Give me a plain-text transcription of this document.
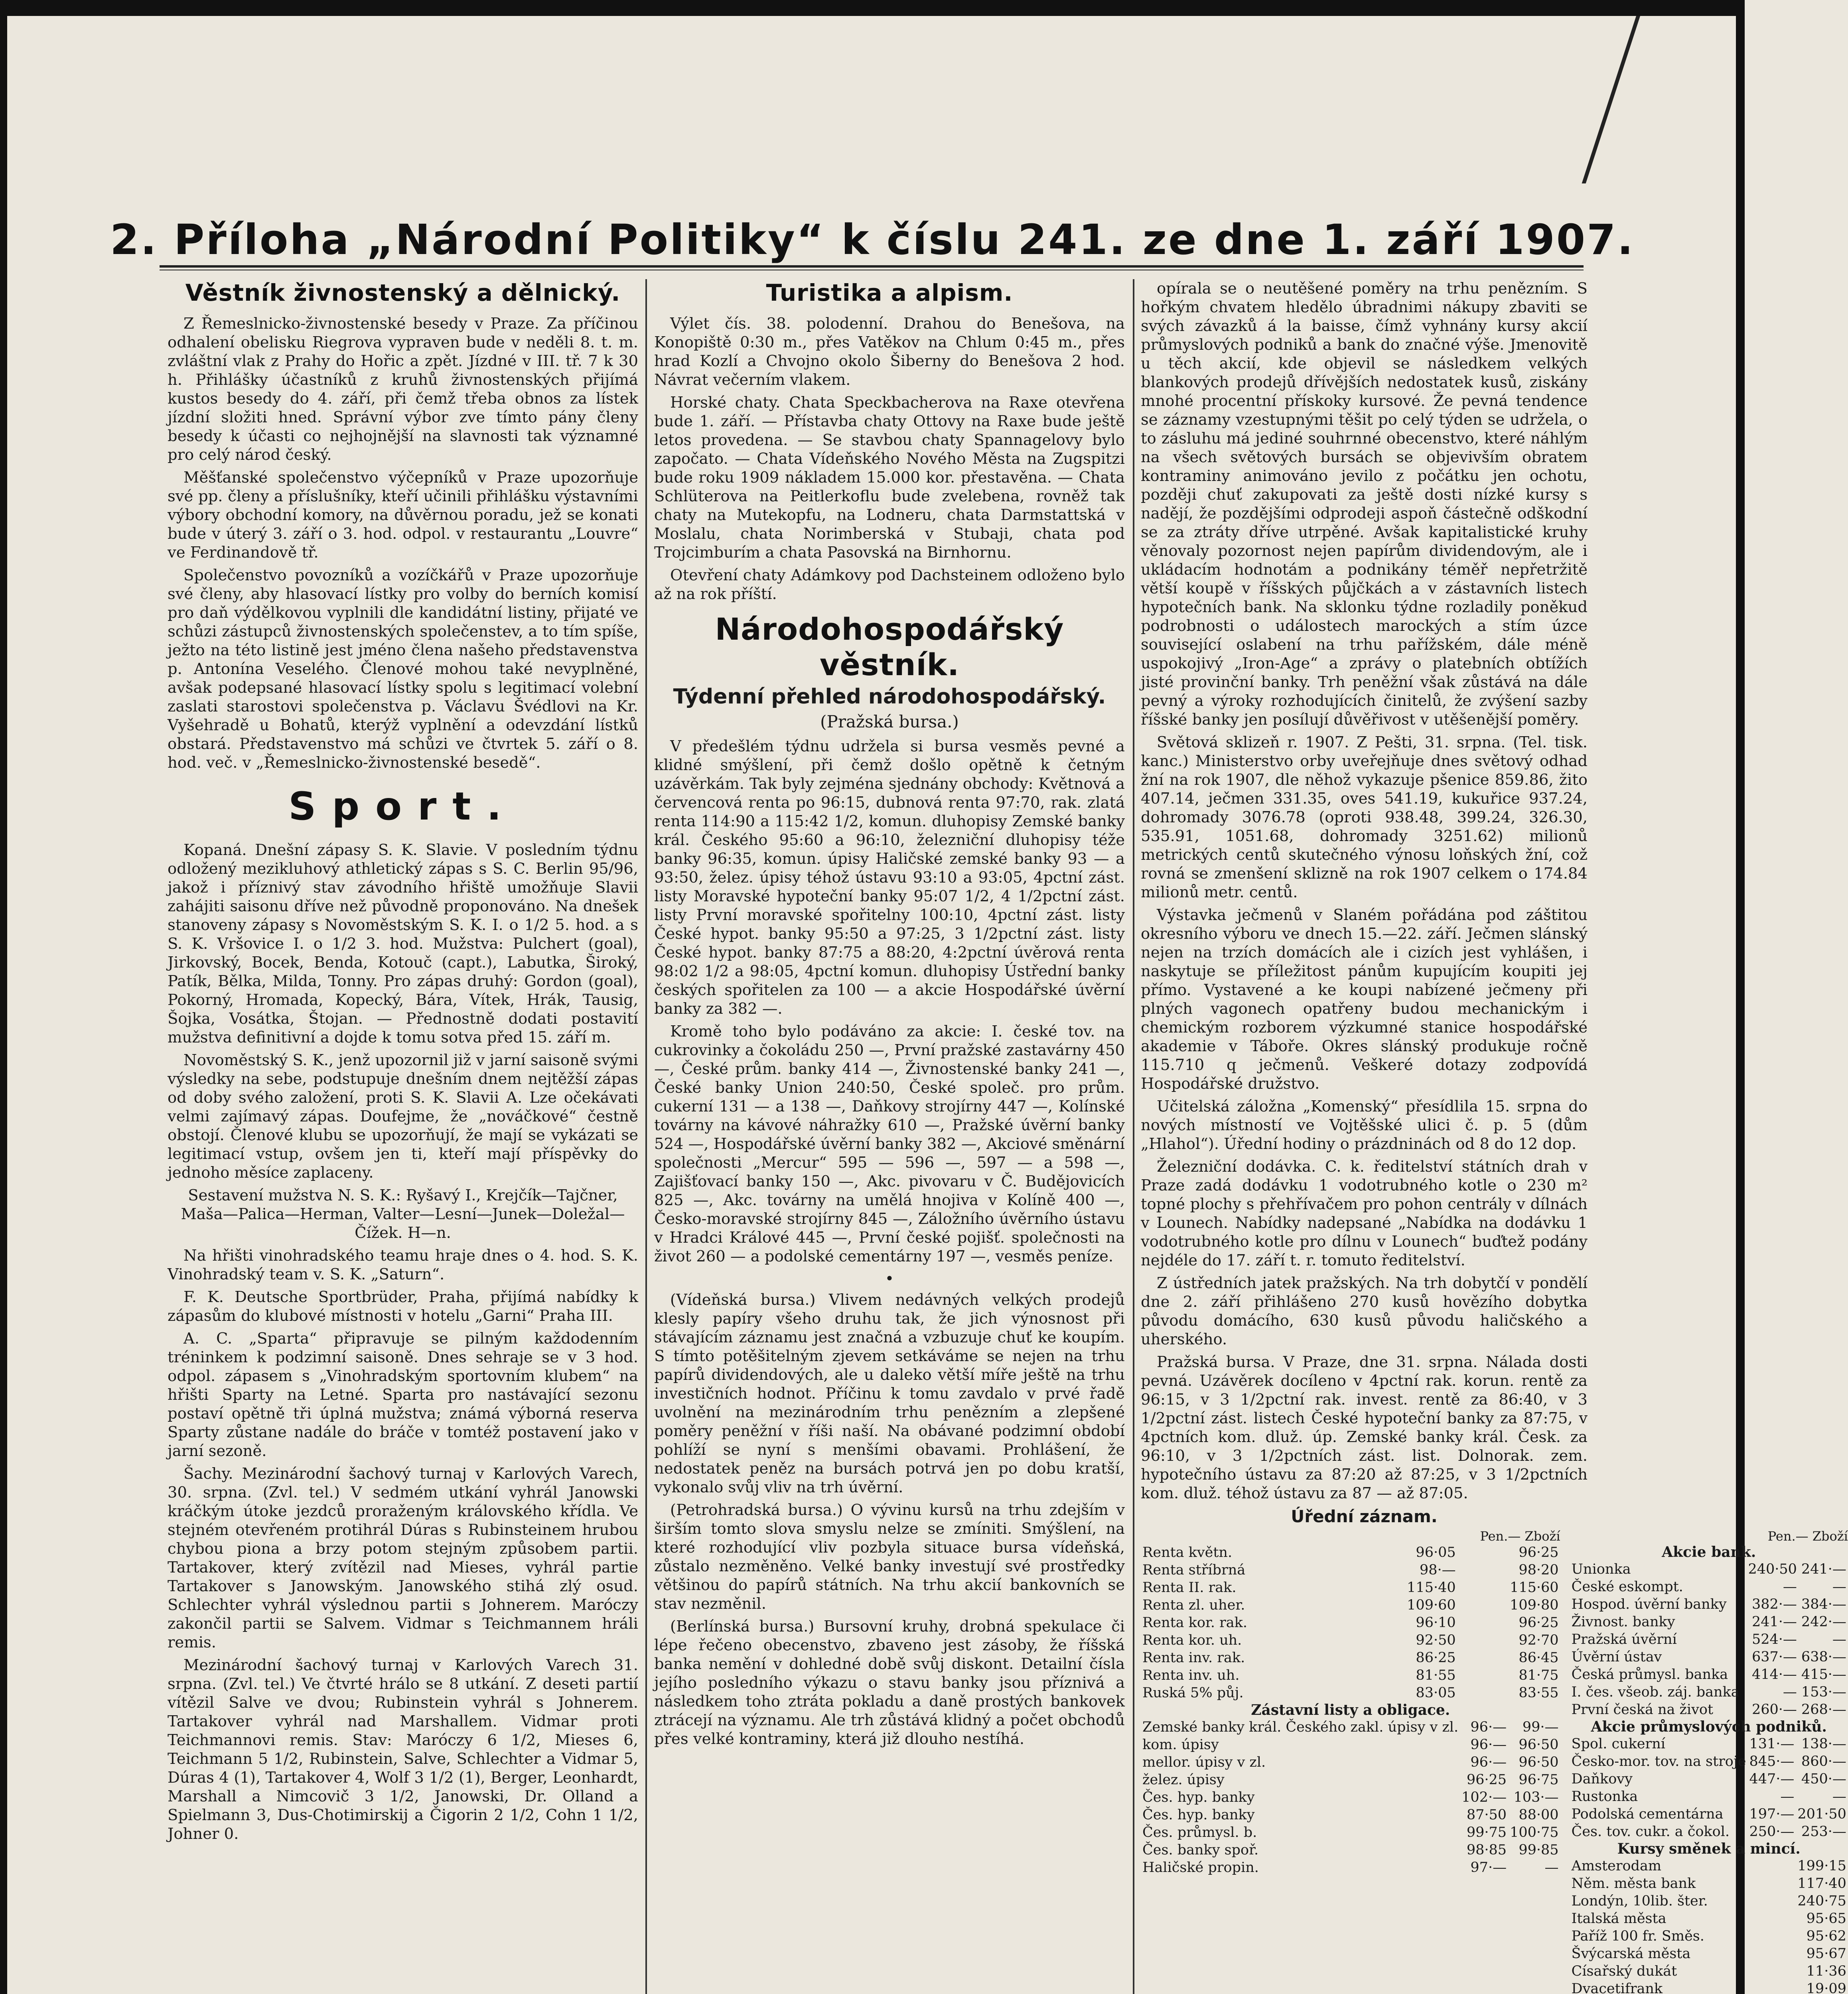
2. Příloha „Národní Politiky“ k číslu 241. ze dne 1. září 1907.
Věstník živnostenský a dělnický.

Z Řemeslnicko-živnostenské besedy v Praze. Za příčinou odhalení obelisku Riegrova vypraven bude v neděli 8. t. m. zvláštní vlak z Prahy do Hořic a zpět. Jízdné v III. tř. 7 k 30 h. Přihlášky účastníků z kruhů živnostenských přijímá kustos besedy do 4. září, při čemž třeba obnos za lístek jízdní složiti hned. Správní výbor zve tímto pány členy besedy k účasti co nejhojnější na slavnosti tak významné pro celý národ český.

Měšťanské společenstvo výčepníků v Praze upozorňuje své pp. členy a příslušníky, kteří učinili přihlášku výstavními výbory obchodní komory, na důvěrnou poradu, jež se konati bude v úterý 3. září o 3. hod. odpol. v restaurantu „Louvre“ ve Ferdinandově tř.

Společenstvo povozníků a vozíčkářů v Praze upozorňuje své členy, aby hlasovací lístky pro volby do berních komisí pro daň výdělkovou vyplnili dle kandidátní listiny, přijaté ve schůzi zástupců živnostenských společenstev, a to tím spíše, ježto na této listině jest jméno člena našeho představenstva p. Antonína Veselého. Členové mohou také nevyplněné, avšak podepsané hlasovací lístky spolu s legitimací volební zaslati starostovi společenstva p. Václavu Švédlovi na Kr. Vyšehradě u Bohatů, kterýž vyplnění a odevzdání lístků obstará. Představenstvo má schůzi ve čtvrtek 5. září o 8. hod. več. v „Řemeslnicko-živnostenské besedě“.

Sport.

Kopaná. Dnešní zápasy S. K. Slavie. V posledním týdnu odložený mezikluhový athletický zápas s S. C. Berlin 95/96, jakož i příznivý stav závodního hřiště umožňuje Slavii zahájiti saisonu dříve než původně proponováno. Na dnešek stanoveny zápasy s Novoměstským S. K. I. o 1/2 5. hod. a s S. K. Vršovice I. o 1/2 3. hod. Mužstva: Pulchert (goal), Jirkovský, Bocek, Benda, Kotouč (capt.), Labutka, Široký, Patík, Bělka, Milda, Tonny. Pro zápas druhý: Gordon (goal), Pokorný, Hromada, Kopecký, Bára, Vítek, Hrák, Tausig, Šojka, Vosátka, Štojan. — Přednostně dodati postavití mužstva definitivní a dojde k tomu sotva před 15. září m.

Novoměstský S. K., jenž upozornil již v jarní saisoně svými výsledky na sebe, podstupuje dnešním dnem nejtěžší zápas od doby svého založení, proti S. K. Slavii A. Lze očekávati velmi zajímavý zápas. Doufejme, že „nováčkové“ čestně obstojí. Členové klubu se upozorňují, že mají se vykázati se legitimací vstup, ovšem jen ti, kteří mají příspěvky do jednoho měsíce zaplaceny.

Sestavení mužstva N. S. K.: Ryšavý I., Krejčík—Tajčner, Maša—Palica—Herman, Valter—Lesní—Junek—Doležal—Čížek. H—n.

Na hřišti vinohradského teamu hraje dnes o 4. hod. S. K. Vinohradský team v. S. K. „Saturn“.

F. K. Deutsche Sportbrüder, Praha, přijímá nabídky k zápasům do klubové místnosti v hotelu „Garni“ Praha III.

A. C. „Sparta“ připravuje se pilným každodenním tréninkem k podzimní saisoně. Dnes sehraje se v 3 hod. odpol. zápasem s „Vinohradským sportovním klubem“ na hřišti Sparty na Letné. Sparta pro nastávající sezonu postaví opětně tři úplná mužstva; známá výborná reserva Sparty zůstane nadále do bráče v tomtéž postavení jako v jarní sezoně.

Šachy. Mezinárodní šachový turnaj v Karlových Varech, 30. srpna. (Zvl. tel.) V sedmém utkání vyhrál Janowski kráčkým útoke jezdců proraženým královského křídla. Ve stejném otevřeném protihrál Dúras s Rubinsteinem hrubou chybou piona a brzy potom stejným způsobem partii. Tartakover, který zvítězil nad Mieses, vyhrál partie Tartakover s Janowským. Janowského stihá zlý osud. Schlechter vyhrál výslednou partii s Johnerem. Maróczy zakončil partii se Salvem. Vidmar s Teichmannem hráli remis.

Mezinárodní šachový turnaj v Karlových Varech 31. srpna. (Zvl. tel.) Ve čtvrté hrálo se 8 utkání. Z deseti partií vítězil Salve ve dvou; Rubinstein vyhrál s Johnerem. Tartakover vyhrál nad Marshallem. Vidmar proti Teichmannovi remis. Stav: Maróczy 6 1/2, Mieses 6, Teichmann 5 1/2, Rubinstein, Salve, Schlechter a Vidmar 5, Dúras 4 (1), Tartakover 4, Wolf 3 1/2 (1), Berger, Leonhardt, Marshall a Nimcovič 3 1/2, Janowski, Dr. Olland a Spielmann 3, Dus-Chotimirskij a Čigorin 2 1/2, Cohn 1 1/2, Johner 0.

Turistika a alpism.

Výlet čís. 38. polodenní. Drahou do Benešova, na Konopiště 0:30 m., přes Vatěkov na Chlum 0:45 m., přes hrad Kozlí a Chvojno okolo Šiberny do Benešova 2 hod. Návrat večerním vlakem.

Horské chaty. Chata Speckbacherova na Raxe otevřena bude 1. září. — Přístavba chaty Ottovy na Raxe bude ještě letos provedena. — Se stavbou chaty Spannagelovy bylo započato. — Chata Vídeňského Nového Města na Zugspitzi bude roku 1909 nákladem 15.000 kor. přestavěna. — Chata Schlüterova na Peitlerkoflu bude zvelebena, rovněž tak chaty na Mutekopfu, na Lodneru, chata Darmstattská v Moslalu, chata Norimberská v Stubaji, chata pod Trojcimburím a chata Pasovská na Birnhornu.

Otevření chaty Adámkovy pod Dachsteinem odloženo bylo až na rok příští.

Národohospodářský věstník.
Týdenní přehled národohospodářský.
(Pražská bursa.)

V předešlém týdnu udržela si bursa vesměs pevné a klidné smýšlení, při čemž došlo opětně k četným uzávěrkám. Tak byly zejména sjednány obchody: Květnová a červencová renta po 96:15, dubnová renta 97:70, rak. zlatá renta 114:90 a 115:42 1/2, komun. dluhopisy Zemské banky král. Českého 95:60 a 96:10, železniční dluhopisy téže banky 96:35, komun. úpisy Haličské zemské banky 93 — a 93:50, želez. úpisy téhož ústavu 93:10 a 93:05, 4pctní zást. listy Moravské hypoteční banky 95:07 1/2, 4 1/2pctní zást. listy První moravské spořitelny 100:10, 4pctní zást. listy České hypot. banky 95:50 a 97:25, 3 1/2pctní zást. listy České hypot. banky 87:75 a 88:20, 4:2pctní úvěrová renta 98:02 1/2 a 98:05, 4pctní komun. dluhopisy Ústřední banky českých spořitelen za 100 — a akcie Hospodářské úvěrní banky za 382 —.

Kromě toho bylo podáváno za akcie: I. české tov. na cukrovinky a čokoládu 250 —, První pražské zastavárny 450 —, České prům. banky 414 —, Živnostenské banky 241 —, České banky Union 240:50, České společ. pro prům. cukerní 131 — a 138 —, Daňkovy strojírny 447 —, Kolínské továrny na kávové náhražky 610 —, Pražské úvěrní banky 524 —, Hospodářské úvěrní banky 382 —, Akciové směnární společnosti „Mercur“ 595 — 596 —, 597 — a 598 —, Zajišťovací banky 150 —, Akc. pivovaru v Č. Budějovicích 825 —, Akc. továrny na umělá hnojiva v Kolíně 400 —, Česko-moravské strojírny 845 —, Záložního úvěrního ústavu v Hradci Králové 445 —, První české pojišť. společnosti na život 260 — a podolské cementárny 197 —, vesměs peníze.

•

(Vídeňská bursa.) Vlivem nedávných velkých prodejů klesly papíry všeho druhu tak, že jich výnosnost při stávajícím záznamu jest značná a vzbuzuje chuť ke koupím. S tímto potěšitelným zjevem setkáváme se nejen na trhu papírů dividendových, ale u daleko větší míře ještě na trhu investičních hodnot. Příčinu k tomu zavdalo v prvé řadě uvolnění na mezinárodním trhu penězním a zlepšené poměry peněžní v říši naší. Na obávané podzimní období pohlíží se nyní s menšími obavami. Prohlášení, že nedostatek peněz na bursách potrvá jen po dobu kratší, vykonalo svůj vliv na trh úvěrní.

(Petrohradská bursa.) O vývinu kursů na trhu zdejším v širším tomto slova smyslu nelze se zmíniti. Smýšlení, na které rozhodující vliv pozbyla situace bursa vídeňská, zůstalo nezměněno. Velké banky investují své prostředky většinou do papírů státních. Na trhu akcií bankovních se stav nezměnil.

(Berlínská bursa.) Bursovní kruhy, drobná spekulace či lépe řečeno obecenstvo, zbaveno jest zásoby, že říšská banka nemění v dohledné době svůj diskont. Detailní čísla jejího posledního výkazu o stavu banky jsou příznivá a následkem toho ztráta pokladu a daně prostých bankovek ztrácejí na významu. Ale trh zůstává klidný a počet obchodů přes velké kontraminy, která již dlouho nestíhá.

opírala se o neutěšené poměry na trhu penězním. S hořkým chvatem hledělo úbradnimi nákupy zbaviti se svých závazků á la baisse, čímž vyhnány kursy akcií průmyslových podniků a bank do značné výše. Jmenovitě u těch akcií, kde objevil se následkem velkých blankových prodejů dřívějších nedostatek kusů, ziskány mnohé procentní přískoky kursové. Že pevná tendence se záznamy vzestupnými těšit po celý týden se udržela, o to zásluhu má jediné souhrnné obecenstvo, které náhlým na všech světových bursách se objevivším obratem kontraminy animováno jevilo z počátku jen ochotu, později chuť zakupovati za ještě dosti nízké kursy s nadějí, že pozdějšími odprodeji aspoň částečně odškodní se za ztráty dříve utrpěné. Avšak kapitalistické kruhy věnovaly pozornost nejen papírům dividendovým, ale i ukládacím hodnotám a podnikány téměř nepřetržitě větší koupě v říšských půjčkách a v zástavních listech hypotečních bank. Na sklonku týdne rozladily poněkud podrobnosti o událostech marockých a stím úzce související oslabení na trhu pařížském, dále méně uspokojivý „Iron-Age“ a zprávy o platebních obtížích jisté provinční banky. Trh peněžní však zůstává na dále pevný a výroky rozhodujících činitelů, že zvýšení sazby říšské banky jen posílují důvěřivost v utěšenější poměry.

Světová sklizeň r. 1907. Z Pešti, 31. srpna. (Tel. tisk. kanc.) Ministerstvo orby uveřejňuje dnes světový odhad žní na rok 1907, dle něhož vykazuje pšenice 859.86, žito 407.14, ječmen 331.35, oves 541.19, kukuřice 937.24, dohromady 3076.78 (oproti 938.48, 399.24, 326.30, 535.91, 1051.68, dohromady 3251.62) milionů metrických centů skutečného výnosu loňských žní, což rovná se zmenšení sklizně na rok 1907 celkem o 174.84 milionů metr. centů.

Výstavka ječmenů v Slaném pořádána pod záštitou okresního výboru ve dnech 15.—22. září. Ječmen slánský nejen na trzích domácích ale i cizích jest vyhlášen, i naskytuje se příležitost pánům kupujícím koupiti jej přímo. Vystavené a ke koupi nabízené ječmeny při plných vagonech opatřeny budou mechanickým i chemickým rozborem výzkumné stanice hospodářské akademie v Táboře. Okres slánský produkuje ročně 115.710 q ječmenů. Veškeré dotazy zodpovídá Hospodářské družstvo.

Učitelská záložna „Komenský“ přesídlila 15. srpna do nových místností ve Vojtěšské ulici č. p. 5 (dům „Hlahol“). Úřední hodiny o prázdninách od 8 do 12 dop.

Železniční dodávka. C. k. ředitelství státních drah v Praze zadá dodávku 1 vodotrubného kotle o 230 m² topné plochy s přehřívačem pro pohon centrály v dílnách v Lounech. Nabídky nadepsané „Nabídka na dodávku 1 vodotrubného kotle pro dílnu v Lounech“ buďtež podány nejdéle do 17. září t. r. tomuto ředitelství.

Z ústředních jatek pražských. Na trh dobytčí v pondělí dne 2. září přihlášeno 270 kusů hovězího dobytka původu domácího, 630 kusů původu haličského a uherského.

Pražská bursa. V Praze, dne 31. srpna. Nálada dosti pevná. Uzávěrek docíleno v 4pctní rak. korun. rentě za 96:15, v 3 1/2pctní rak. invest. rentě za 86:40, v 3 1/2pctní zást. listech České hypoteční banky za 87:75, v 4pctních kom. dluž. úp. Zemské banky král. Česk. za 96:10, v 3 1/2pctních zást. list. Dolnorak. zem. hypotečního ústavu za 87:20 až 87:25, v 3 1/2pctních kom. dluž. téhož ústavu za 87 — až 87:05.

Úřední záznam.
Pen.— Zboží
Renta květn.	96·05	96·25
Renta stříbrná	98·—	98·20
Renta II. rak.	115·40	115·60
Renta zl. uher.	109·60	109·80
Renta kor. rak.	96·10	96·25
Renta kor. uh.	92·50	92·70
Renta inv. rak.	86·25	86·45
Renta inv. uh.	81·55	81·75
Ruská 5% půj.	83·05	83·55
Zástavní listy a obligace.
Zemské banky král. Českého zakl. úpisy v zl.	96·—	99·—
kom. úpisy	96·—	96·50
mellor. úpisy v zl.	96·—	96·50
želez. úpisy	96·25	96·75
Čes. hyp. banky	102·—	103·—
Čes. hyp. banky	87·50	88·00
Čes. průmysl. b.	99·75	100·75
Čes. banky spoř.	98·85	99·85
Haličské propin.	97·—	—
Pen.— Zboží
Akcie bank.
Unionka	240·50	241·—
České eskompt.	—	—
Hospod. úvěrní banky	382·—	384·—
Živnost. banky	241·—	242·—
Pražská úvěrní	524·—	—
Úvěrní ústav	637·—	638·—
Česká průmysl. banka	414·—	415·—
I. čes. všeob. záj. banka	—	153·—
První česká na život	260·—	268·—
Akcie průmyslových podniků.
Spol. cukerní	131·—	138·—
Česko-mor. tov. na stroje	845·—	860·—
Daňkovy	447·—	450·—
Rustonka	—	—
Podolská cementárna	197·—	201·50
Čes. tov. cukr. a čokol.	250·—	253·—
Kursy směnek a mincí.
Amsterodam		199·15
Něm. města bank		117·40
Londýn, 10lib. šter.		240·75
Italská města		95·65
Paříž 100 fr. Směs.		95·62
Švýcarská města		95·67
Císařský dukát		11·36
Dvacetifrank		19·09
